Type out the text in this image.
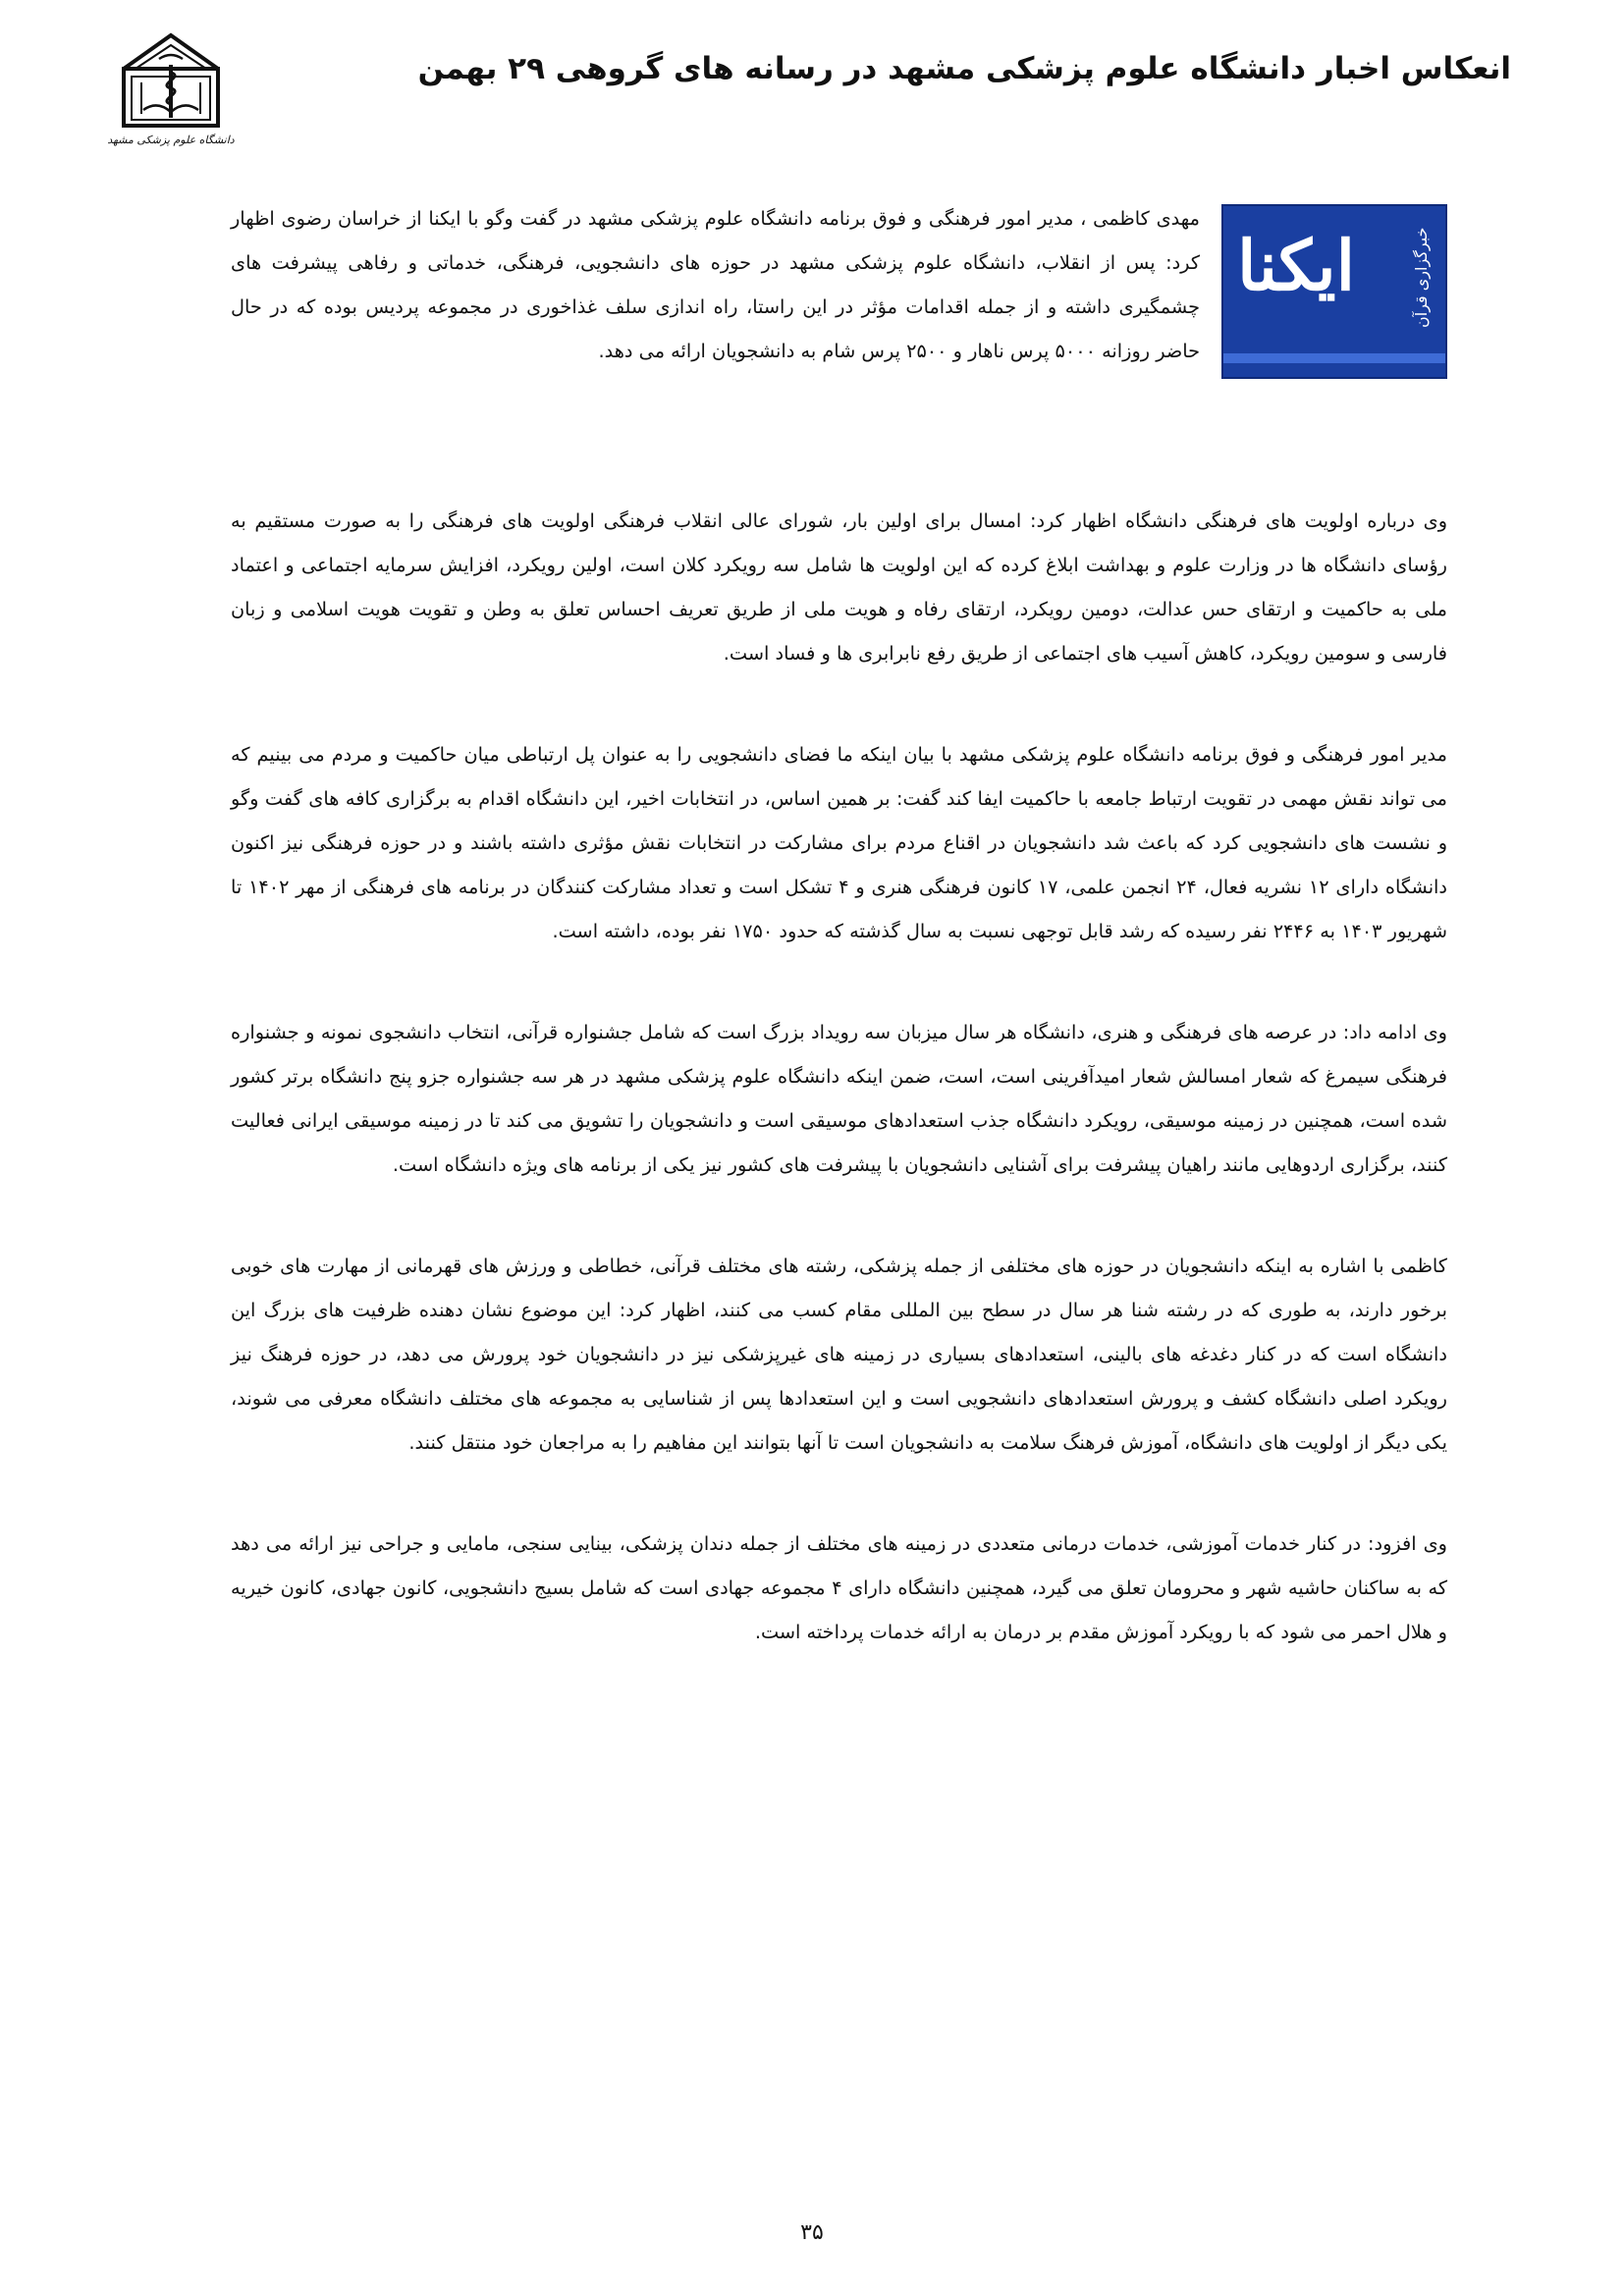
انعکاس اخبار دانشگاه علوم پزشکی مشهد در رسانه های گروهی ۲۹ بهمن
دانشگاه علوم پزشکی مشهد

ایکنا	خبرگزاری قرآن
مهدی کاظمی ، مدیر امور فرهنگی و فوق برنامه دانشگاه علوم پزشکی مشهد در گفت وگو با ایکنا از خراسان رضوی اظهار کرد: پس از انقلاب، دانشگاه علوم پزشکی مشهد در حوزه های دانشجویی، فرهنگی، خدماتی و رفاهی پیشرفت های چشمگیری داشته و از جمله اقدامات مؤثر در این راستا، راه اندازی سلف غذاخوری در مجموعه پردیس بوده که در حال حاضر روزانه ۵۰۰۰ پرس ناهار و ۲۵۰۰ پرس شام به دانشجویان ارائه می دهد.

وی درباره اولویت های فرهنگی دانشگاه اظهار کرد: امسال برای اولین بار، شورای عالی انقلاب فرهنگی اولویت های فرهنگی را به صورت مستقیم به رؤسای دانشگاه ها در وزارت علوم و بهداشت ابلاغ کرده که این اولویت ها شامل سه رویکرد کلان است، اولین رویکرد، افزایش سرمایه اجتماعی و اعتماد ملی به حاکمیت و ارتقای حس عدالت، دومین رویکرد، ارتقای رفاه و هویت ملی از طریق تعریف احساس تعلق به وطن و تقویت هویت اسلامی و زبان فارسی و سومین رویکرد، کاهش آسیب های اجتماعی از طریق رفع نابرابری ها و فساد است.

مدیر امور فرهنگی و فوق برنامه دانشگاه علوم پزشکی مشهد با بیان اینکه ما فضای دانشجویی را به عنوان پل ارتباطی میان حاکمیت و مردم می بینیم که می تواند نقش مهمی در تقویت ارتباط جامعه با حاکمیت ایفا کند گفت: بر همین اساس، در انتخابات اخیر، این دانشگاه اقدام به برگزاری کافه های گفت وگو و نشست های دانشجویی کرد که باعث شد دانشجویان در اقناع مردم برای مشارکت در انتخابات نقش مؤثری داشته باشند و در حوزه فرهنگی نیز اکنون دانشگاه دارای ۱۲ نشریه فعال، ۲۴ انجمن علمی، ۱۷ کانون فرهنگی هنری و ۴ تشکل است و تعداد مشارکت کنندگان در برنامه های فرهنگی از مهر ۱۴۰۲ تا شهریور ۱۴۰۳ به ۲۴۴۶ نفر رسیده که رشد قابل توجهی نسبت به سال گذشته که حدود ۱۷۵۰ نفر بوده، داشته است.

وی ادامه داد: در عرصه های فرهنگی و هنری، دانشگاه هر سال میزبان سه رویداد بزرگ است که شامل جشنواره قرآنی، انتخاب دانشجوی نمونه و جشنواره فرهنگی سیمرغ که شعار امسالش شعار امیدآفرینی است، است، ضمن اینکه دانشگاه علوم پزشکی مشهد در هر سه جشنواره جزو پنج دانشگاه برتر کشور شده است، همچنین در زمینه موسیقی، رویکرد دانشگاه جذب استعدادهای موسیقی است و دانشجویان را تشویق می کند تا در زمینه موسیقی ایرانی فعالیت کنند، برگزاری اردوهایی مانند راهیان پیشرفت برای آشنایی دانشجویان با پیشرفت های کشور نیز یکی از برنامه های ویژه دانشگاه است.

کاظمی با اشاره به اینکه دانشجویان در حوزه های مختلفی از جمله پزشکی، رشته های مختلف قرآنی، خطاطی و ورزش های قهرمانی از مهارت های خوبی برخور دارند، به طوری که در رشته شنا هر سال در سطح بین المللی مقام کسب می کنند، اظهار کرد: این موضوع نشان دهنده ظرفیت های بزرگ این دانشگاه است که در کنار دغدغه های بالینی، استعدادهای بسیاری در زمینه های غیرپزشکی نیز در دانشجویان خود پرورش می دهد، در حوزه فرهنگ نیز رویکرد اصلی دانشگاه کشف و پرورش استعدادهای دانشجویی است و این استعدادها پس از شناسایی به مجموعه های مختلف دانشگاه معرفی می شوند، یکی دیگر از اولویت های دانشگاه، آموزش فرهنگ سلامت به دانشجویان است تا آنها بتوانند این مفاهیم را به مراجعان خود منتقل کنند.

وی افزود: در کنار خدمات آموزشی، خدمات درمانی متعددی در زمینه های مختلف از جمله دندان پزشکی، بینایی سنجی، مامایی و جراحی نیز ارائه می دهد که به ساکنان حاشیه شهر و محرومان تعلق می گیرد، همچنین دانشگاه دارای ۴ مجموعه جهادی است که شامل بسیج دانشجویی، کانون جهادی، کانون خیریه و هلال احمر می شود که با رویکرد آموزش مقدم بر درمان به ارائه خدمات پرداخته است.

۳۵
